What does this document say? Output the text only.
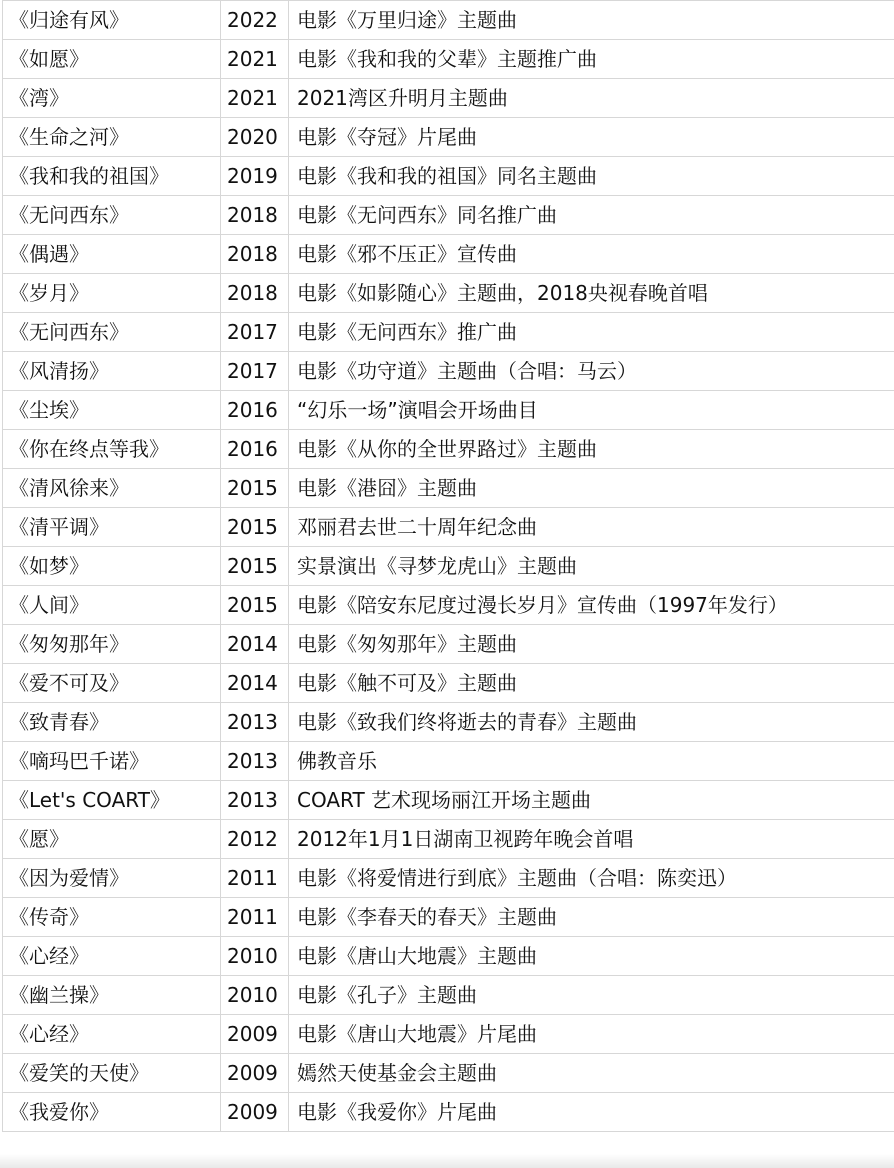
《归途有风》	2022	电影《万里归途》主题曲
《如愿》	2021	电影《我和我的父辈》主题推广曲
《湾》	2021	2021湾区升明月主题曲
《生命之河》	2020	电影《夺冠》片尾曲
《我和我的祖国》	2019	电影《我和我的祖国》同名主题曲
《无问西东》	2018	电影《无问西东》同名推广曲
《偶遇》	2018	电影《邪不压正》宣传曲
《岁月》	2018	电影《如影随心》主题曲，2018央视春晚首唱
《无问西东》	2017	电影《无问西东》推广曲
《风清扬》	2017	电影《功守道》主题曲（合唱：马云）
《尘埃》	2016	“幻乐一场”演唱会开场曲目
《你在终点等我》	2016	电影《从你的全世界路过》主题曲
《清风徐来》	2015	电影《港囧》主题曲
《清平调》	2015	邓丽君去世二十周年纪念曲
《如梦》	2015	实景演出《寻梦龙虎山》主题曲
《人间》	2015	电影《陪安东尼度过漫长岁月》宣传曲（1997年发行）
《匆匆那年》	2014	电影《匆匆那年》主题曲
《爱不可及》	2014	电影《触不可及》主题曲
《致青春》	2013	电影《致我们终将逝去的青春》主题曲
《嘀玛巴千诺》	2013	佛教音乐
《Let's COART》	2013	COART 艺术现场丽江开场主题曲
《愿》	2012	2012年1月1日湖南卫视跨年晚会首唱
《因为爱情》	2011	电影《将爱情进行到底》主题曲（合唱：陈奕迅）
《传奇》	2011	电影《李春天的春天》主题曲
《心经》	2010	电影《唐山大地震》主题曲
《幽兰操》	2010	电影《孔子》主题曲
《心经》	2009	电影《唐山大地震》片尾曲
《爱笑的天使》	2009	嫣然天使基金会主题曲
《我爱你》	2009	电影《我爱你》片尾曲
